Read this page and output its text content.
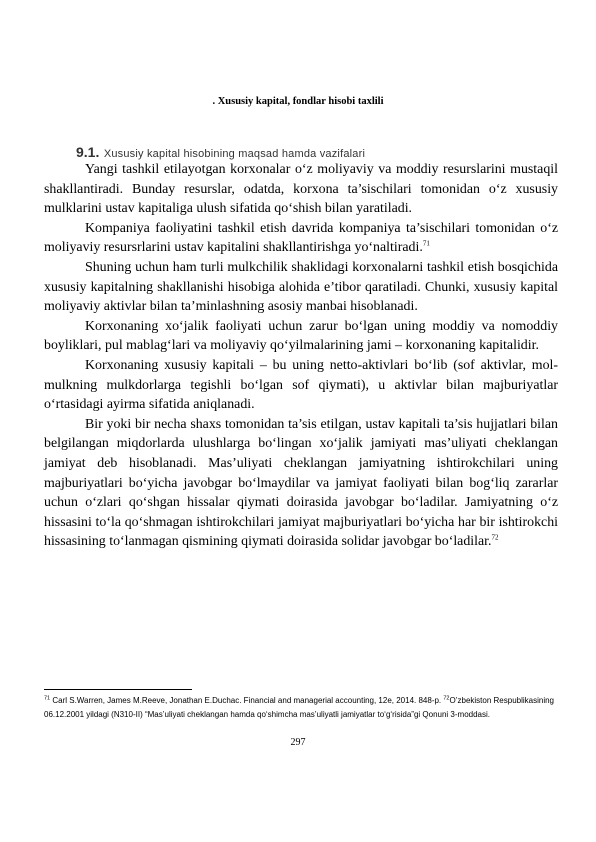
. Xususiy kapital, fondlar hisobi taxlili
9.1. Xususiy kapital hisobining maqsad hamda vazifalari

Yangi tashkil etilayotgan korxonalar o‘z moliyaviy va moddiy resurslarini mustaqil shakllantiradi. Bunday resurslar, odatda, korxona ta’sischilari tomonidan o‘z xususiy mulklarini ustav kapitaliga ulush sifatida qo‘shish bilan yaratiladi.

Kompaniya faoliyatini tashkil etish davrida kompaniya ta’sischilari tomonidan o‘z moliyaviy resursrlarini ustav kapitalini shakllantirishga yo‘naltiradi.$^{71}$

Shuning uchun ham turli mulkchilik shaklidagi korxonalarni tashkil etish bosqichida xususiy kapitalning shakllanishi hisobiga alohida e’tibor qaratiladi. Chunki, xususiy kapital moliyaviy aktivlar bilan ta’minlashning asosiy manbai hisoblanadi.

Korxonaning xo‘jalik faoliyati uchun zarur bo‘lgan uning moddiy va nomoddiy boyliklari, pul mablag‘lari va moliyaviy qo‘yilmalarining jami – korxonaning kapitalidir.

Korxonaning xususiy kapitali – bu uning netto-aktivlari bo‘lib (sof aktivlar, mol-mulkning mulkdorlarga tegishli bo‘lgan sof qiymati), u aktivlar bilan majburiyatlar o‘rtasidagi ayirma sifatida aniqlanadi.

Bir yoki bir necha shaxs tomonidan ta’sis etilgan, ustav kapitali ta’sis hujjatlari bilan belgilangan miqdorlarda ulushlarga bo‘lingan xo‘jalik jamiyati mas’uliyati cheklangan jamiyat deb hisoblanadi. Mas’uliyati cheklangan jamiyatning ishtirokchilari uning majburiyatlari bo‘yicha javobgar bo‘lmaydilar va jamiyat faoliyati bilan bog‘liq zararlar uchun o‘zlari qo‘shgan hissalar qiymati doirasida javobgar bo‘ladilar. Jamiyatning o‘z hissasini to‘la qo‘shmagan ishtirokchilari jamiyat majburiyatlari bo‘yicha har bir ishtirokchi hissasining to‘lanmagan qismining qiymati doirasida solidar javobgar bo‘ladilar.$^{72}$

$^{71}$ Carl S.Warren, James M.Reeve, Jonathan E.Duchac. Financial and managerial accounting, 12e, 2014. 848-p. $^{72}$O’zbekiston Respublikasining 06.12.2001 yildagi (N310-II) “Mas’uliyati cheklangan hamda qo‘shimcha mas’uliyatli jamiyatlar to‘g‘risida”gi Qonuni 3-moddasi.

297
